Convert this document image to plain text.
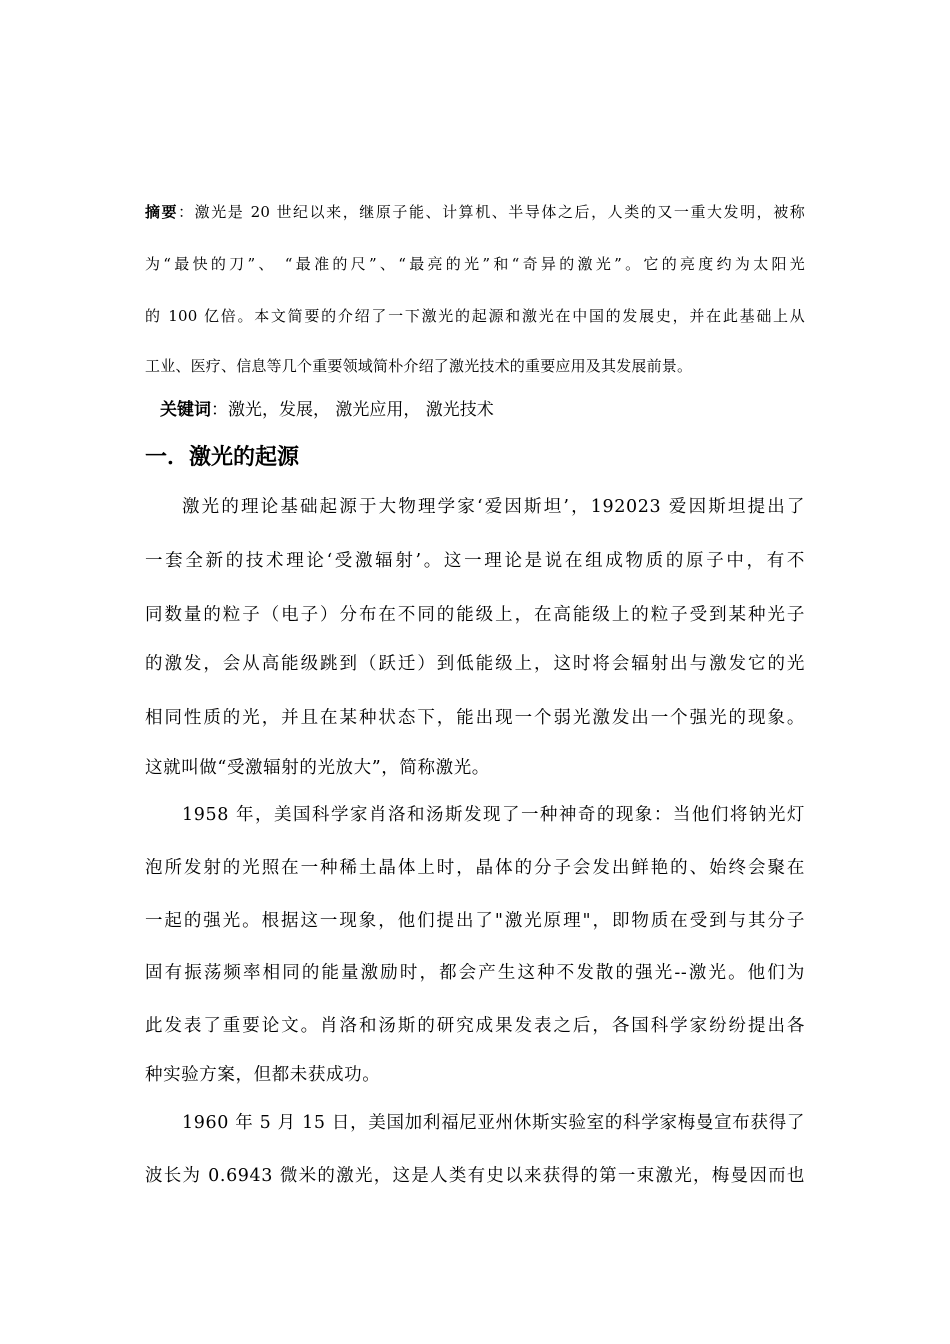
摘要：激光是 20 世纪以来，继原子能、计算机、半导体之后，人类的又一重大发明，被称
为“最快的刀”、 “最准的尺”、“最亮的光”和“奇异的激光”。它的亮度约为太阳光
的 100 亿倍。本文简要的介绍了一下激光的起源和激光在中国的发展史，并在此基础上从
工业、医疗、信息等几个重要领域简朴介绍了激光技术的重要应用及其发展前景。
关键词：激光，发展， 激光应用， 激光技术
一．激光的起源
激光的理论基础起源于大物理学家‘爱因斯坦’，192023 爱因斯坦提出了
一套全新的技术理论‘受激辐射’。这一理论是说在组成物质的原子中，有不
同数量的粒子（电子）分布在不同的能级上，在高能级上的粒子受到某种光子
的激发，会从高能级跳到（跃迁）到低能级上，这时将会辐射出与激发它的光
相同性质的光，并且在某种状态下，能出现一个弱光激发出一个强光的现象。
这就叫做“受激辐射的光放大”，简称激光。
1958 年，美国科学家肖洛和汤斯发现了一种神奇的现象：当他们将钠光灯
泡所发射的光照在一种稀土晶体上时，晶体的分子会发出鲜艳的、始终会聚在
一起的强光。根据这一现象，他们提出了"激光原理"，即物质在受到与其分子
固有振荡频率相同的能量激励时，都会产生这种不发散的强光--激光。他们为
此发表了重要论文。肖洛和汤斯的研究成果发表之后，各国科学家纷纷提出各
种实验方案，但都未获成功。
1960 年 5 月 15 日，美国加利福尼亚州休斯实验室的科学家梅曼宣布获得了
波长为 0.6943 微米的激光，这是人类有史以来获得的第一束激光，梅曼因而也
